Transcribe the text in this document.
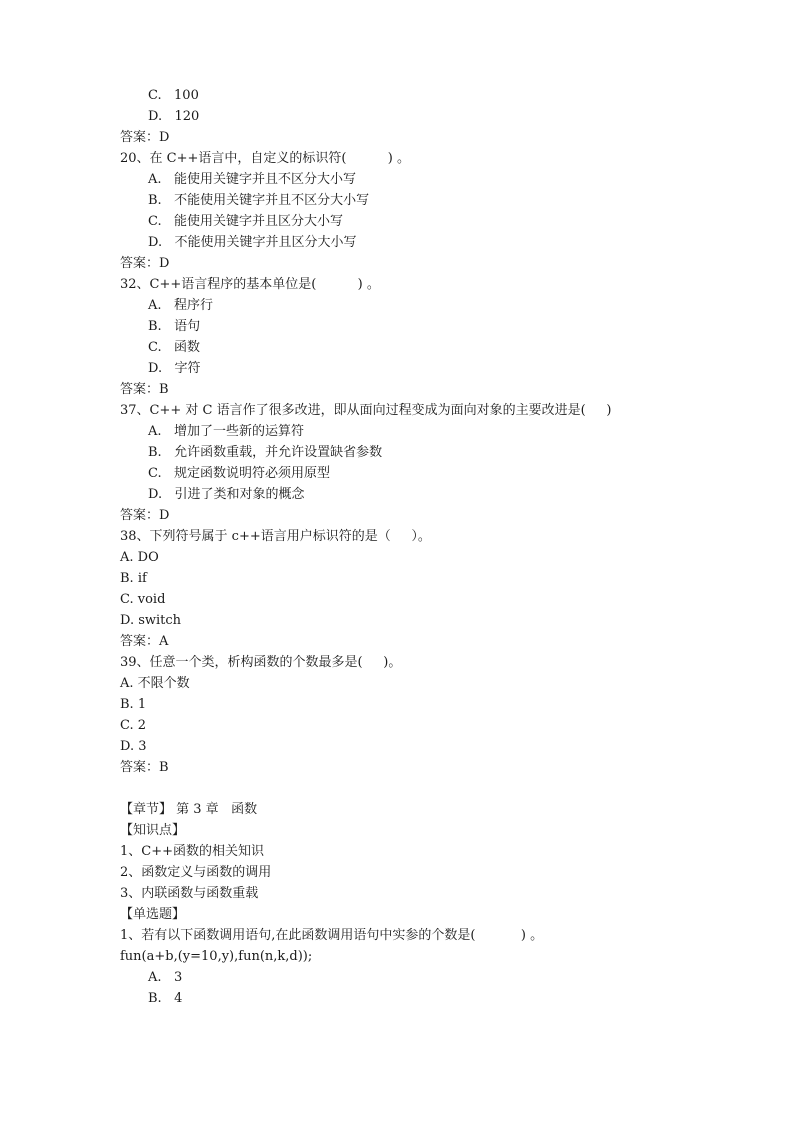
C. 100
D. 120
答案：D
20、在 C++语言中，自定义的标识符(          ) 。
A. 能使用关键字并且不区分大小写
B. 不能使用关键字并且不区分大小写
C. 能使用关键字并且区分大小写
D. 不能使用关键字并且区分大小写
答案：D
32、C++语言程序的基本单位是(          ) 。
A. 程序行
B. 语句
C. 函数
D. 字符
答案：B
37、C++ 对 C 语言作了很多改进，即从面向过程变成为面向对象的主要改进是(     )
A. 增加了一些新的运算符
B. 允许函数重载，并允许设置缺省参数
C. 规定函数说明符必须用原型
D. 引进了类和对象的概念
答案：D
38、下列符号属于 c++语言用户标识符的是（     ）。
A. DO
B. if
C. void
D. switch
答案：A
39、任意一个类，析构函数的个数最多是(     )。
A. 不限个数
B. 1
C. 2
D. 3
答案：B
【章节】 第 3 章   函数
【知识点】
1、C++函数的相关知识
2、函数定义与函数的调用
3、内联函数与函数重载
【单选题】
1、若有以下函数调用语句,在此函数调用语句中实参的个数是(           ) 。
fun(a+b,(y=10,y),fun(n,k,d));
A. 3
B. 4
